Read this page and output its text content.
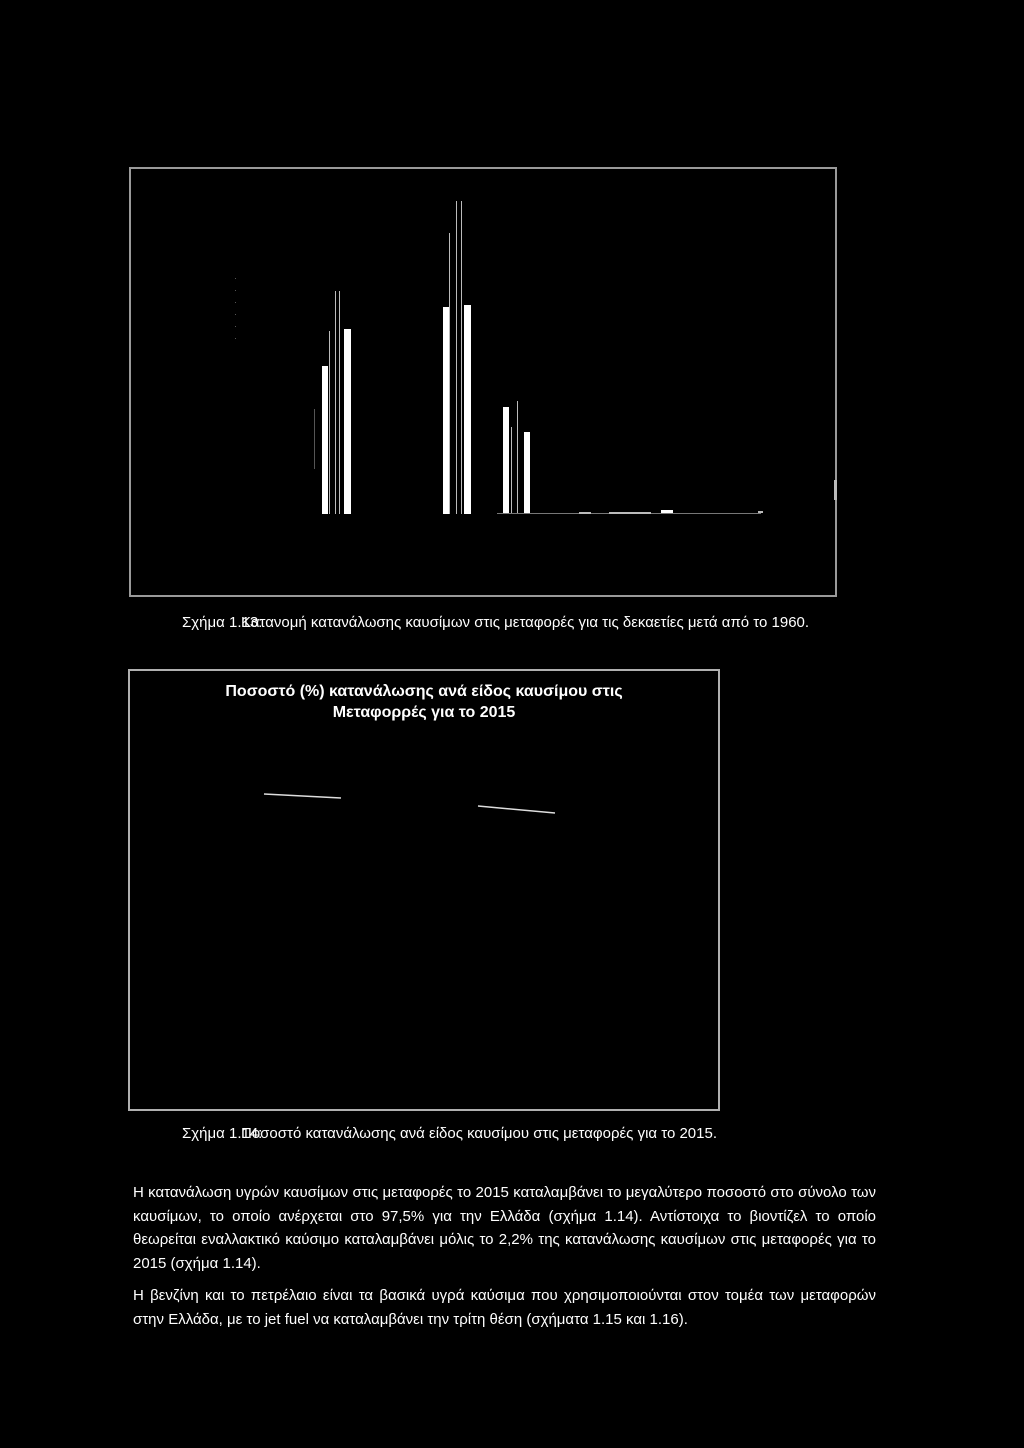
Σχήμα 1.13:Κατανομή κατανάλωσης καυσίμων στις μεταφορές για τις δεκαετίες μετά από το 1960.
Ποσοστό (%) κατανάλωσης ανά είδος καυσίμου στις
Μεταφορρές για το 2015
Σχήμα 1.14:Ποσοστό κατανάλωσης ανά είδος καυσίμου στις μεταφορές για το 2015.

Η κατανάλωση υγρών καυσίμων στις μεταφορές το 2015 καταλαμβάνει το μεγαλύτερο ποσοστό στο σύνολο των καυσίμων, το οποίο ανέρχεται στο 97,5% για την Ελλάδα (σχήμα 1.14). Αντίστοιχα το βιοντίζελ το οποίο θεωρείται εναλλακτικό καύσιμο καταλαμβάνει μόλις το 2,2% της κατανάλωσης καυσίμων στις μεταφορές για το 2015 (σχήμα 1.14).

Η βενζίνη και το πετρέλαιο είναι τα βασικά υγρά καύσιμα που χρησιμοποιούνται στον τομέα των μεταφορών στην Ελλάδα, με το jet fuel να καταλαμβάνει την τρίτη θέση (σχήματα 1.15 και 1.16).
